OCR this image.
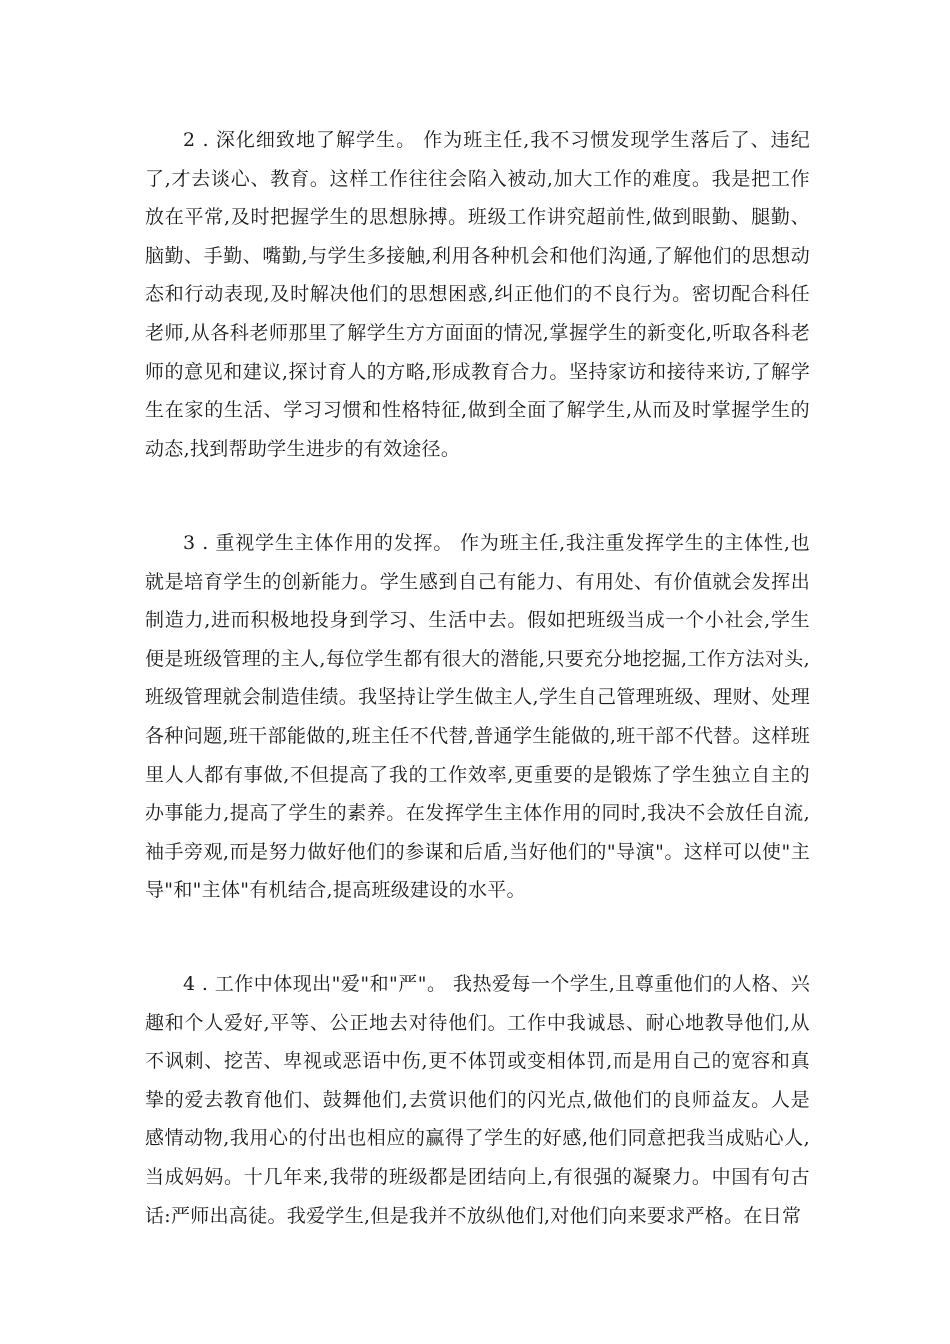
2 . 深化细致地了解学生。 作为班主任,我不习惯发现学生落后了、违纪了,才去谈心、教育。这样工作往往会陷入被动,加大工作的难度。我是把工作放在平常,及时把握学生的思想脉搏。班级工作讲究超前性,做到眼勤、腿勤、脑勤、手勤、嘴勤,与学生多接触,利用各种机会和他们沟通,了解他们的思想动态和行动表现,及时解决他们的思想困惑,纠正他们的不良行为。密切配合科任老师,从各科老师那里了解学生方方面面的情况,掌握学生的新变化,听取各科老师的意见和建议,探讨育人的方略,形成教育合力。坚持家访和接待来访,了解学生在家的生活、学习习惯和性格特征,做到全面了解学生,从而及时掌握学生的动态,找到帮助学生进步的有效途径。

3 . 重视学生主体作用的发挥。 作为班主任,我注重发挥学生的主体性,也就是培育学生的创新能力。学生感到自己有能力、有用处、有价值就会发挥出制造力,进而积极地投身到学习、生活中去。假如把班级当成一个小社会,学生便是班级管理的主人,每位学生都有很大的潜能,只要充分地挖掘,工作方法对头,班级管理就会制造佳绩。我坚持让学生做主人,学生自己管理班级、理财、处理各种问题,班干部能做的,班主任不代替,普通学生能做的,班干部不代替。这样班里人人都有事做,不但提高了我的工作效率,更重要的是锻炼了学生独立自主的办事能力,提高了学生的素养。在发挥学生主体作用的同时,我决不会放任自流,袖手旁观,而是努力做好他们的参谋和后盾,当好他们的"导演"。这样可以使"主导"和"主体"有机结合,提高班级建设的水平。

4 . 工作中体现出"爱"和"严"。 我热爱每一个学生,且尊重他们的人格、兴趣和个人爱好,平等、公正地去对待他们。工作中我诚恳、耐心地教导他们,从不讽刺、挖苦、卑视或恶语中伤,更不体罚或变相体罚,而是用自己的宽容和真挚的爱去教育他们、鼓舞他们,去赏识他们的闪光点,做他们的良师益友。人是感情动物,我用心的付出也相应的赢得了学生的好感,他们同意把我当成贴心人,当成妈妈。十几年来,我带的班级都是团结向上,有很强的凝聚力。中国有句古话:严师出高徒。我爱学生,但是我并不放纵他们,对他们向来要求严格。在日常
